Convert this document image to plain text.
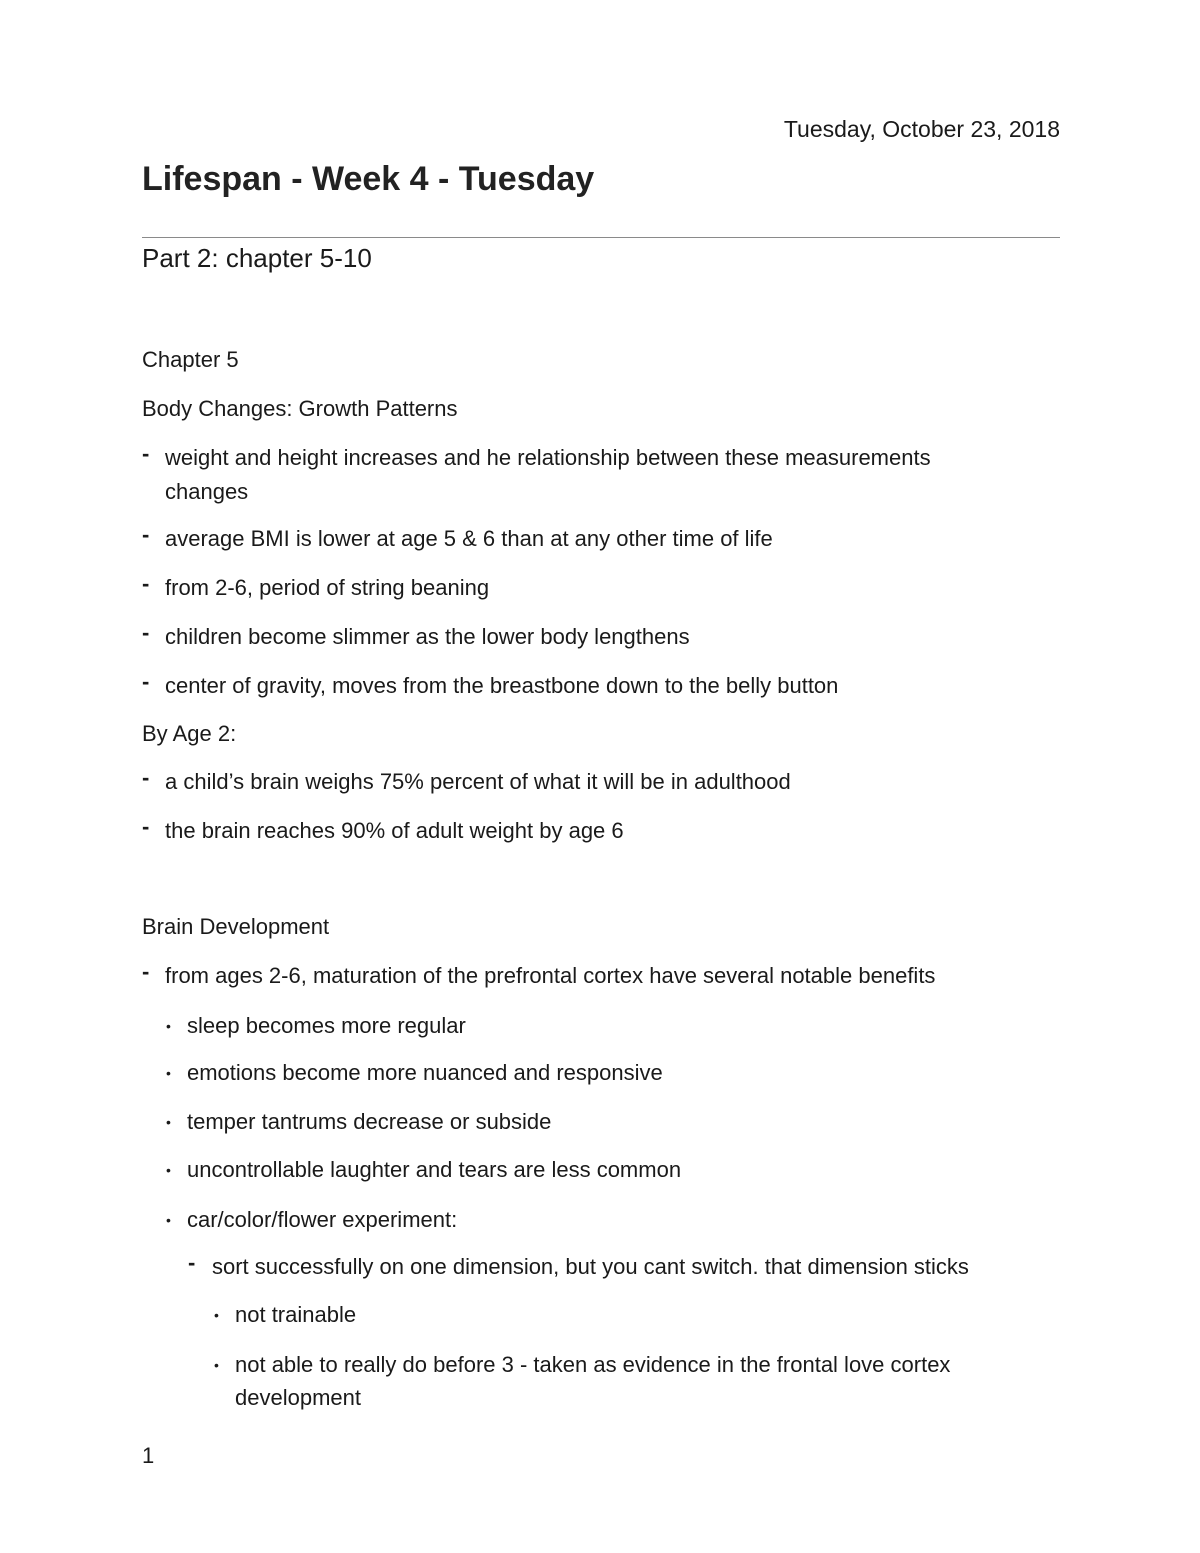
Tuesday, October 23, 2018
Lifespan - Week 4 - Tuesday
Part 2: chapter 5-10
Chapter 5
Body Changes: Growth Patterns
- weight and height increases and he relationship between these measurements
changes
- average BMI is lower at age 5 & 6 than at any other time of life
- from 2-6, period of string beaning
- children become slimmer as the lower body lengthens
- center of gravity, moves from the breastbone down to the belly button
By Age 2:
- a child’s brain weighs 75% percent of what it will be in adulthood
- the brain reaches 90% of adult weight by age 6
Brain Development
- from ages 2-6, maturation of the prefrontal cortex have several notable benefits
• sleep becomes more regular
• emotions become more nuanced and responsive
• temper tantrums decrease or subside
• uncontrollable laughter and tears are less common
• car/color/flower experiment:
- sort successfully on one dimension, but you cant switch. that dimension sticks
• not trainable
• not able to really do before 3 - taken as evidence in the frontal love cortex
development
1
